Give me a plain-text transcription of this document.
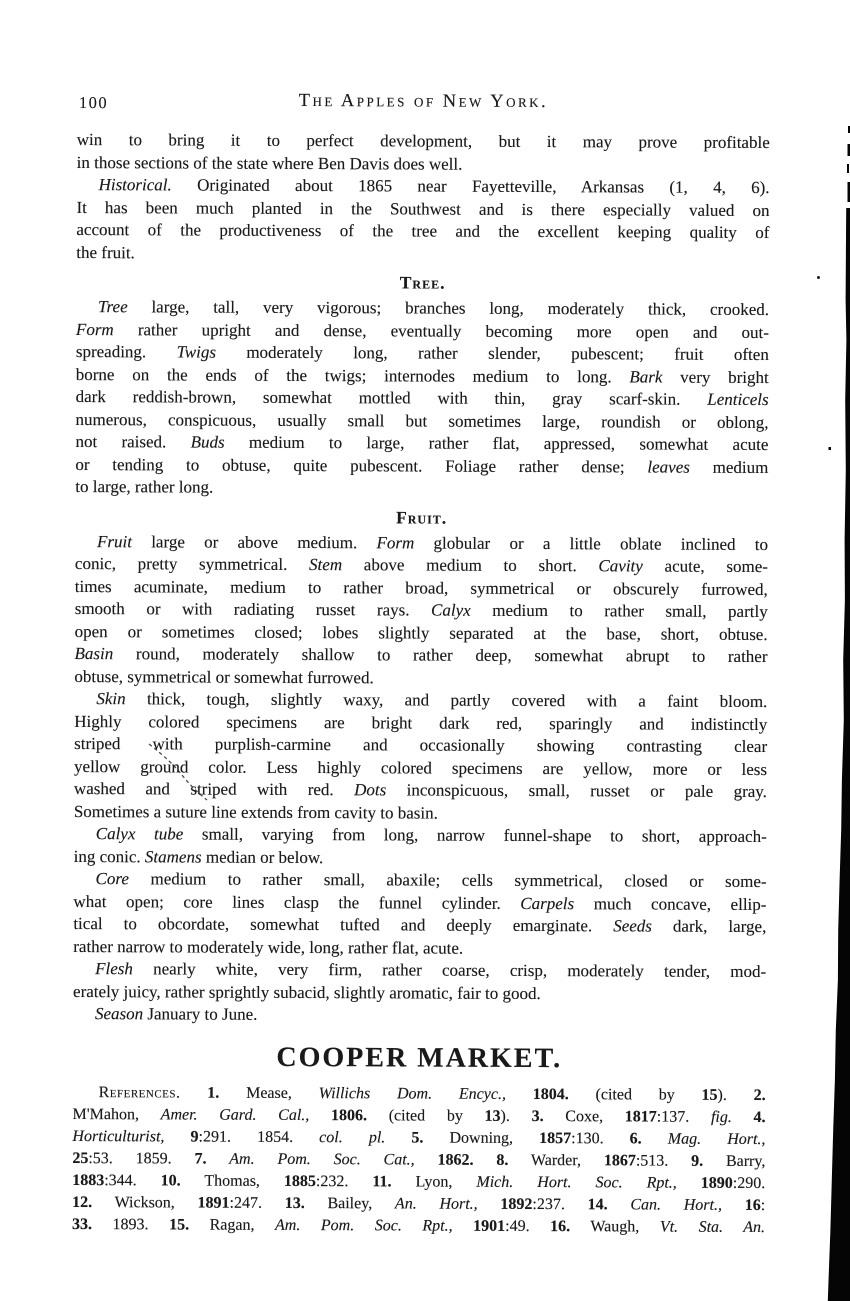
100	The Apples of New York.
win to bring it to perfect development, but it may prove profitable
in those sections of the state where Ben Davis does well.
Historical. Originated about 1865 near Fayetteville, Arkansas (1, 4, 6).
It has been much planted in the Southwest and is there especially valued on
account of the productiveness of the tree and the excellent keeping quality of
the fruit.
Tree.
Tree large, tall, very vigorous; branches long, moderately thick, crooked.
Form rather upright and dense, eventually becoming more open and out-
spreading. Twigs moderately long, rather slender, pubescent; fruit often
borne on the ends of the twigs; internodes medium to long. Bark very bright
dark reddish-brown, somewhat mottled with thin, gray scarf-skin. Lenticels
numerous, conspicuous, usually small but sometimes large, roundish or oblong,
not raised. Buds medium to large, rather flat, appressed, somewhat acute
or tending to obtuse, quite pubescent. Foliage rather dense; leaves medium
to large, rather long.
Fruit.
Fruit large or above medium. Form globular or a little oblate inclined to
conic, pretty symmetrical. Stem above medium to short. Cavity acute, some-
times acuminate, medium to rather broad, symmetrical or obscurely furrowed,
smooth or with radiating russet rays. Calyx medium to rather small, partly
open or sometimes closed; lobes slightly separated at the base, short, obtuse.
Basin round, moderately shallow to rather deep, somewhat abrupt to rather
obtuse, symmetrical or somewhat furrowed.
Skin thick, tough, slightly waxy, and partly covered with a faint bloom.
Highly colored specimens are bright dark red, sparingly and indistinctly
striped with purplish-carmine and occasionally showing contrasting clear
yellow ground color. Less highly colored specimens are yellow, more or less
washed and striped with red. Dots inconspicuous, small, russet or pale gray.
Sometimes a suture line extends from cavity to basin.
Calyx tube small, varying from long, narrow funnel-shape to short, approach-
ing conic. Stamens median or below.
Core medium to rather small, abaxile; cells symmetrical, closed or some-
what open; core lines clasp the funnel cylinder. Carpels much concave, ellip-
tical to obcordate, somewhat tufted and deeply emarginate. Seeds dark, large,
rather narrow to moderately wide, long, rather flat, acute.
Flesh nearly white, very firm, rather coarse, crisp, moderately tender, mod-
erately juicy, rather sprightly subacid, slightly aromatic, fair to good.
Season January to June.
COOPER MARKET.
References. 1. Mease, Willichs Dom. Encyc., 1804. (cited by 15). 2.
M'Mahon, Amer. Gard. Cal., 1806. (cited by 13). 3. Coxe, 1817:137. fig. 4.
Horticulturist, 9:291. 1854. col. pl. 5. Downing, 1857:130. 6. Mag. Hort.,
25:53. 1859. 7. Am. Pom. Soc. Cat., 1862. 8. Warder, 1867:513. 9. Barry,
1883:344. 10. Thomas, 1885:232. 11. Lyon, Mich. Hort. Soc. Rpt., 1890:290.
12. Wickson, 1891:247. 13. Bailey, An. Hort., 1892:237. 14. Can. Hort., 16:
33. 1893. 15. Ragan, Am. Pom. Soc. Rpt., 1901:49. 16. Waugh, Vt. Sta. An.
